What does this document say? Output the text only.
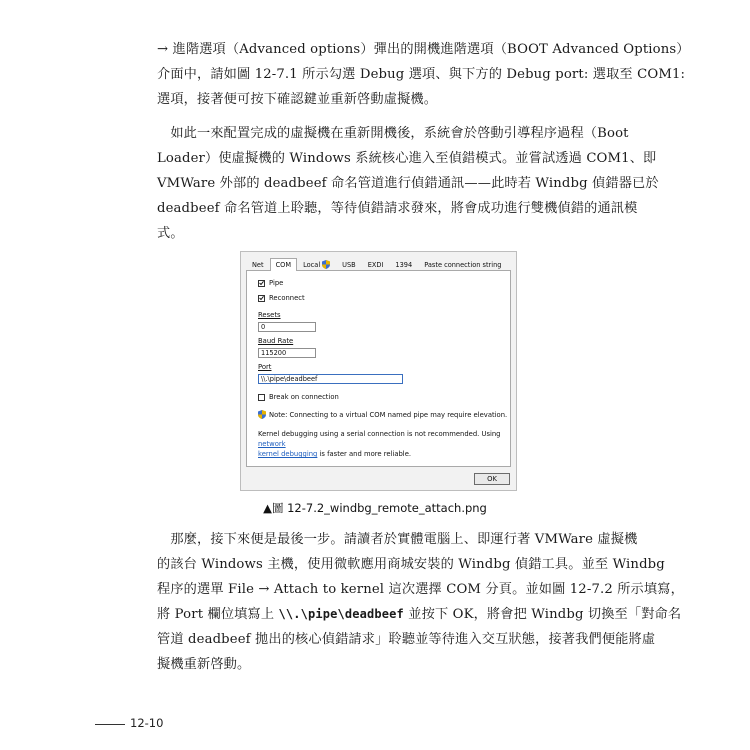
→ 進階選項（Advanced options）彈出的開機進階選項（BOOT Advanced Options）
介面中，請如圖 12-7.1 所示勾選 Debug 選項、與下方的 Debug port: 選取至 COM1:
選項，接著便可按下確認鍵並重新啓動虛擬機。
　如此一來配置完成的虛擬機在重新開機後，系統會於啓動引導程序過程（Boot
Loader）使虛擬機的 Windows 系統核心進入至偵錯模式。並嘗試透過 COM1、即
VMWare 外部的 deadbeef 命名管道進行偵錯通訊——此時若 Windbg 偵錯器已於
deadbeef 命名管道上聆聽，等待偵錯請求發來，將會成功進行雙機偵錯的通訊模
式。
Net COM Local	USB EXDI 1394 Paste connection string
Pipe
Reconnect
Resets
0
Baud Rate
115200
Port
\\.\pipe\deadbeef
Break on connection
Note: Connecting to a virtual COM named pipe may require elevation.
Kernel debugging using a serial connection is not recommended. Using network
kernel debugging is faster and more reliable.
OK
▲圖 12-7.2_windbg_remote_attach.png
　那麼，接下來便是最後一步。請讀者於實體電腦上、即運行著 VMWare 虛擬機
的該台 Windows 主機，使用微軟應用商城安裝的 Windbg 偵錯工具。並至 Windbg
程序的選單 File → Attach to kernel 這次選擇 COM 分頁。並如圖 12-7.2 所示填寫，
將 Port 欄位填寫上 \\.\pipe\deadbeef 並按下 OK，將會把 Windbg 切換至「對命名
管道 deadbeef 拋出的核心偵錯請求」聆聽並等待進入交互狀態，接著我們便能將虛
擬機重新啓動。
12-10
